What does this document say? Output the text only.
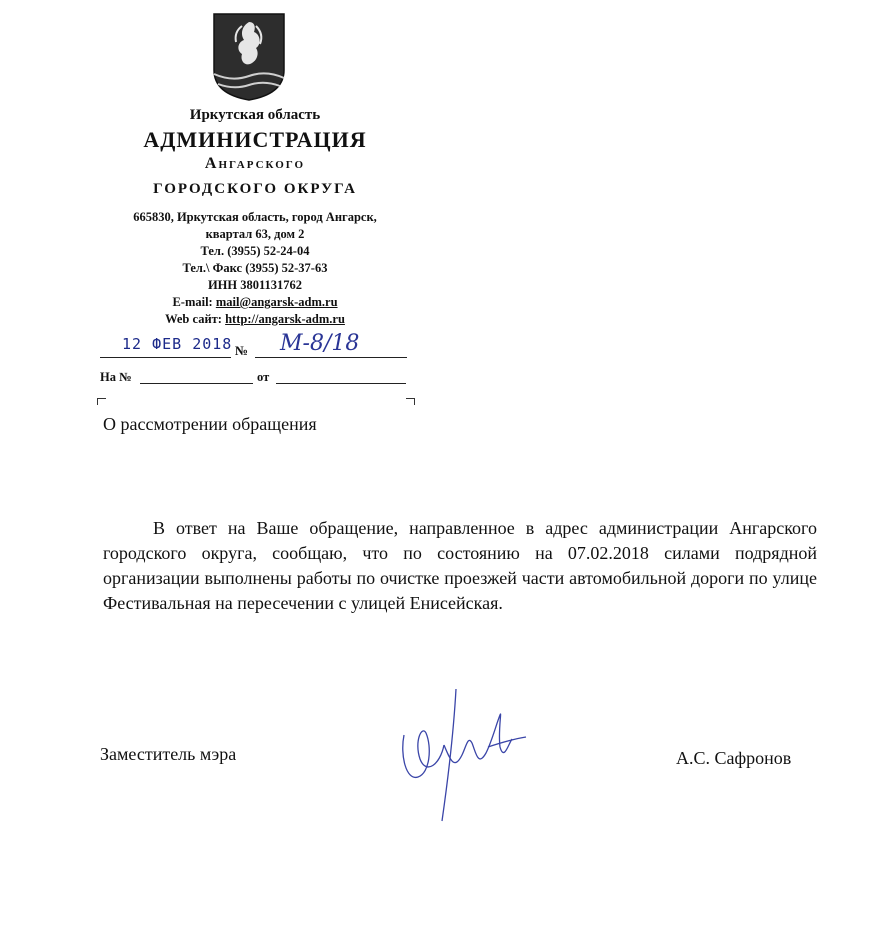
Иркутская область
АДМИНИСТРАЦИЯ
Ангарского
ГОРОДСКОГО ОКРУГА
665830, Иркутская область, город Ангарск,
квартал 63, дом 2
Тел. (3955) 52-24-04
Тел.\ Факс (3955) 52-37-63
ИНН 3801131762
E-mail: mail@angarsk-adm.ru
Web сайт: http://angarsk-adm.ru
12 ФЕВ 2018 № М-8/18
На №	от
О рассмотрении обращения
В ответ на Ваше обращение, направленное в адрес администрации Ангарского городского округа, сообщаю, что по состоянию на 07.02.2018 силами подрядной организации выполнены работы по очистке проезжей части автомобильной дороги по улице Фестивальная на пересечении с улицей Енисейская.
Заместитель мэра	А.С. Сафронов
